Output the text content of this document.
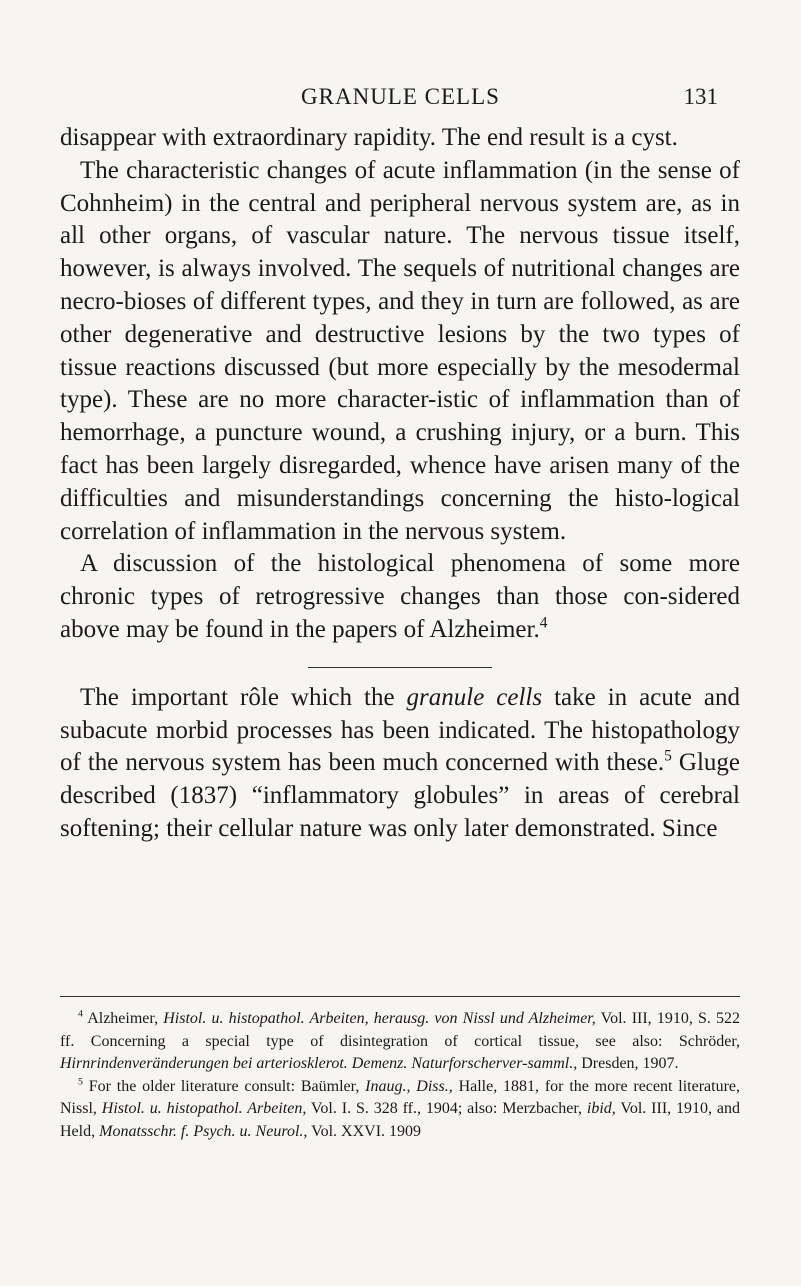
GRANULE CELLS	131

disappear with extraordinary rapidity. The end result is a cyst.

The characteristic changes of acute inflammation (in the sense of Cohnheim) in the central and peripheral nervous system are, as in all other organs, of vascular nature. The nervous tissue itself, however, is always involved. The sequels of nutritional changes are necro-bioses of different types, and they in turn are followed, as are other degenerative and destructive lesions by the two types of tissue reactions discussed (but more especially by the mesodermal type). These are no more character-istic of inflammation than of hemorrhage, a puncture wound, a crushing injury, or a burn. This fact has been largely disregarded, whence have arisen many of the difficulties and misunderstandings concerning the histo-logical correlation of inflammation in the nervous system.

A discussion of the histological phenomena of some more chronic types of retrogressive changes than those con-sidered above may be found in the papers of Alzheimer.$^4$

The important rôle which the granule cells take in acute and subacute morbid processes has been indicated. The histopathology of the nervous system has been much concerned with these.$^5$ Gluge described (1837) “inflammatory globules” in areas of cerebral softening; their cellular nature was only later demonstrated. Since

$^4$ Alzheimer, Histol. u. histopathol. Arbeiten, herausg. von Nissl und Alzheimer, Vol. III, 1910, S. 522 ff. Concerning a special type of disintegration of cortical tissue, see also: Schröder, Hirnrindenveränderungen bei arteriosklerot. Demenz. Naturforscherver-samml., Dresden, 1907.

$^5$ For the older literature consult: Baümler, Inaug., Diss., Halle, 1881, for the more recent literature, Nissl, Histol. u. histopathol. Arbeiten, Vol. I. S. 328 ff., 1904; also: Merzbacher, ibid, Vol. III, 1910, and Held, Monatsschr. f. Psych. u. Neurol., Vol. XXVI. 1909
